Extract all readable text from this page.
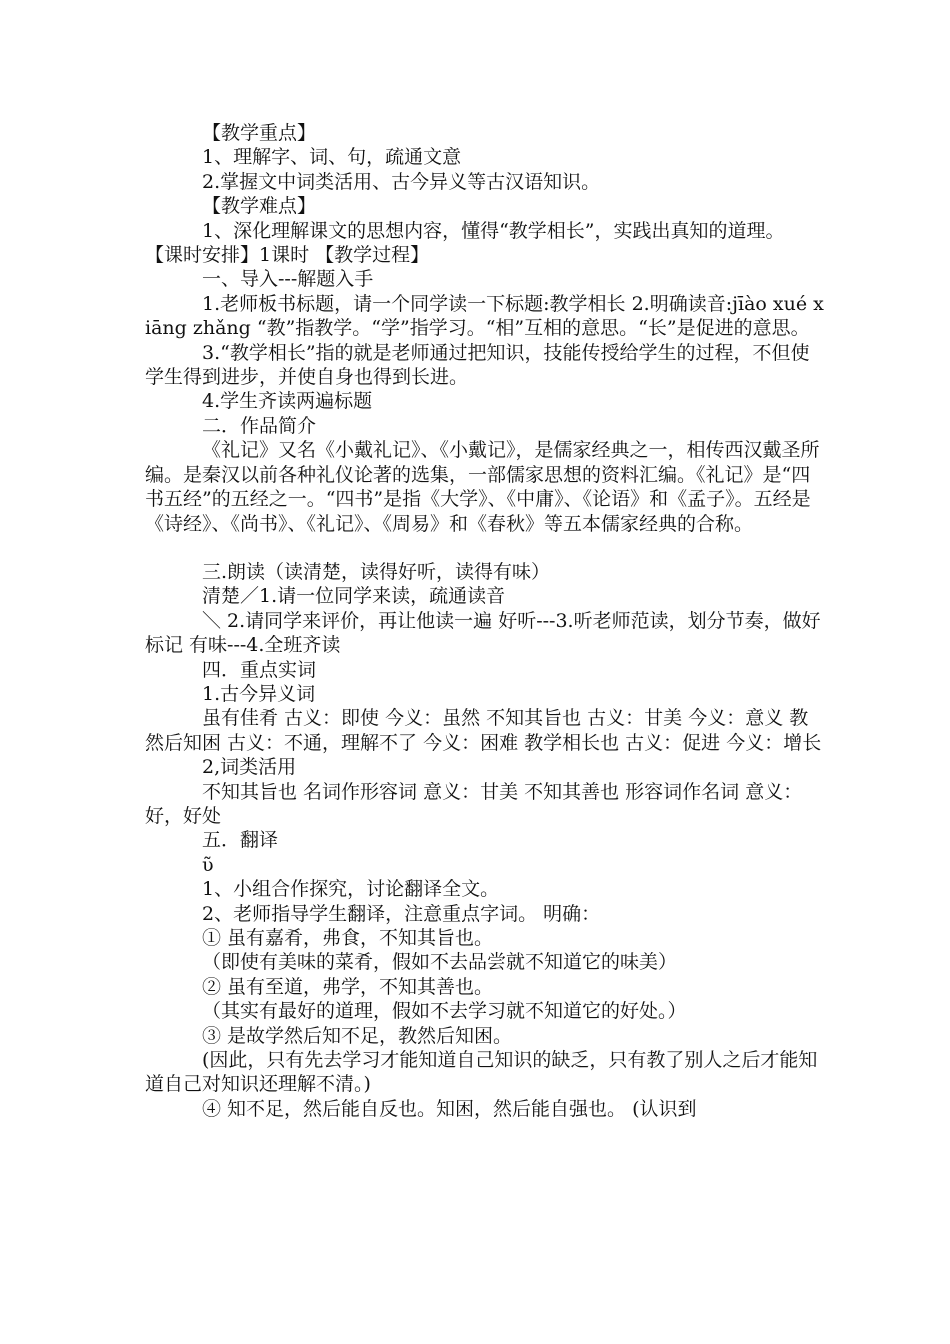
【教学重点】

1、理解字、词、句，疏通文意

2.掌握文中词类活用、古今异义等古汉语知识。

【教学难点】

1、深化理解课文的思想内容，懂得“教学相长”，实践出真知的道理。 【课时安排】1课时 【教学过程】

一、导入---解题入手

1.老师板书标题，请一个同学读一下标题:教学相长 2.明确读音:jīào xué xiāng zhǎng “教”指教学。“学”指学习。“相”互相的意思。“长”是促进的意思。

3.“教学相长”指的就是老师通过把知识，技能传授给学生的过程，不但使学生得到进步，并使自身也得到长进。

4.学生齐读两遍标题

二．作品简介

《礼记》又名《小戴礼记》、《小戴记》，是儒家经典之一，相传西汉戴圣所编。是秦汉以前各种礼仪论著的选集，一部儒家思想的资料汇编。《礼记》是“四书五经”的五经之一。“四书”是指《大学》、《中庸》、《论语》和《孟子》。五经是《诗经》、《尚书》、《礼记》、《周易》和《春秋》等五本儒家经典的合称。

三.朗读（读清楚，读得好听，读得有味）

清楚／1.请一位同学来读，疏通读音

＼ 2.请同学来评价，再让他读一遍 好听---3.听老师范读，划分节奏，做好标记 有味---4.全班齐读

四．重点实词

1.古今异义词

虽有佳肴 古义：即使 今义：虽然 不知其旨也 古义：甘美 今义：意义 教然后知困 古义：不通，理解不了 今义：困难 教学相长也 古义：促进 今义：增长

2,词类活用

不知其旨也 名词作形容词 意义：甘美 不知其善也 形容词作名词 意义：好，好处

五．翻译

ῦ

1、小组合作探究，讨论翻译全文。

2、老师指导学生翻译，注意重点字词。 明确：

① 虽有嘉肴，弗食，不知其旨也。

（即使有美味的菜肴，假如不去品尝就不知道它的味美）

② 虽有至道，弗学，不知其善也。

（其实有最好的道理，假如不去学习就不知道它的好处。）

③ 是故学然后知不足，教然后知困。

(因此，只有先去学习才能知道自己知识的缺乏，只有教了别人之后才能知道自己对知识还理解不清。)

④ 知不足，然后能自反也。知困，然后能自强也。 (认识到
